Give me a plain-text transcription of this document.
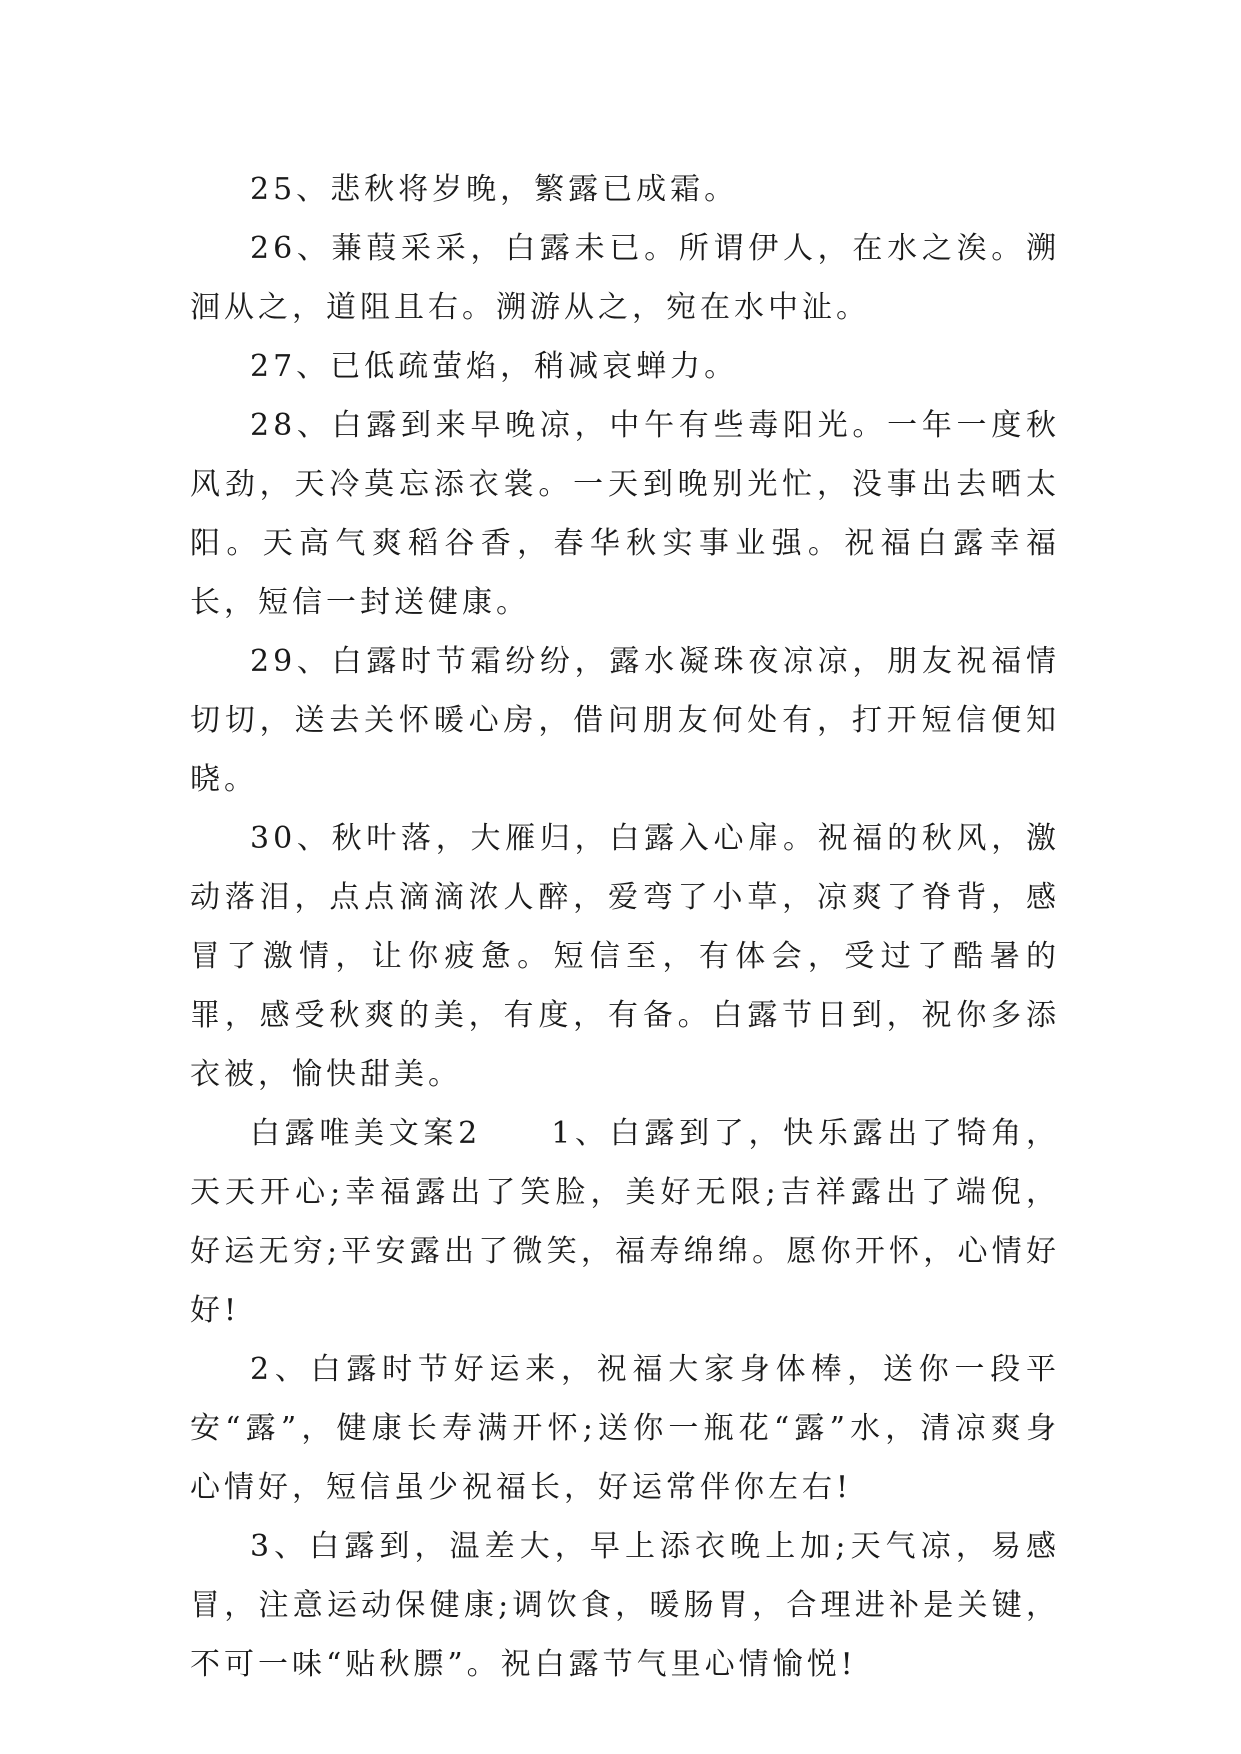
25、悲秋将岁晚，繁露已成霜。

26、蒹葭采采，白露未已。所谓伊人，在水之涘。溯洄从之，道阻且右。溯游从之，宛在水中沚。

27、已低疏萤焰，稍减哀蝉力。

28、白露到来早晚凉，中午有些毒阳光。一年一度秋风劲，天冷莫忘添衣裳。一天到晚别光忙，没事出去晒太阳。天高气爽稻谷香，春华秋实事业强。祝福白露幸福长，短信一封送健康。

29、白露时节霜纷纷，露水凝珠夜凉凉，朋友祝福情切切，送去关怀暖心房，借问朋友何处有，打开短信便知晓。

30、秋叶落，大雁归，白露入心扉。祝福的秋风，激动落泪，点点滴滴浓人醉，爱弯了小草，凉爽了脊背，感冒了激情，让你疲惫。短信至，有体会，受过了酷暑的罪，感受秋爽的美，有度，有备。白露节日到，祝你多添衣被，愉快甜美。

白露唯美文案2　　1、白露到了，快乐露出了犄角，天天开心;幸福露出了笑脸，美好无限;吉祥露出了端倪，好运无穷;平安露出了微笑，福寿绵绵。愿你开怀，心情好好!

2、白露时节好运来，祝福大家身体棒，送你一段平安“露”，健康长寿满开怀;送你一瓶花“露”水，清凉爽身心情好，短信虽少祝福长，好运常伴你左右!

3、白露到，温差大，早上添衣晚上加;天气凉，易感冒，注意运动保健康;调饮食，暖肠胃，合理进补是关键，不可一味“贴秋膘”。祝白露节气里心情愉悦!
